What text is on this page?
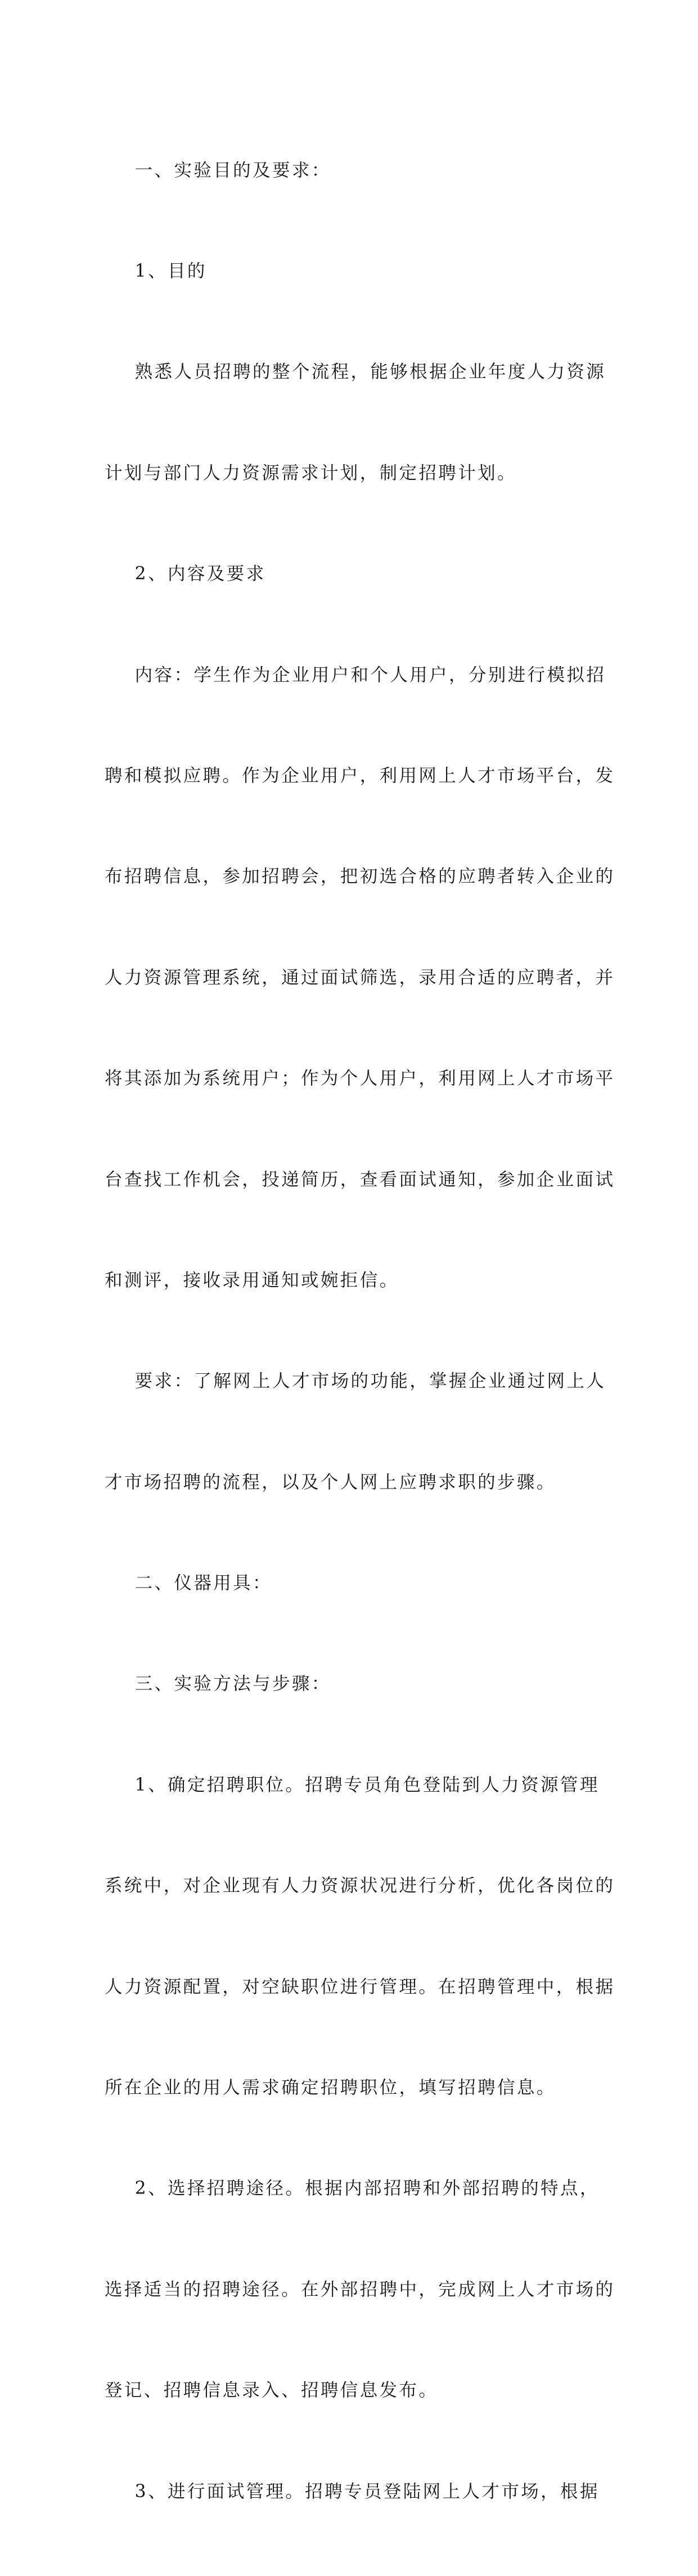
一、实验目的及要求：

1、目的

熟悉人员招聘的整个流程，能够根据企业年度人力资源

计划与部门人力资源需求计划，制定招聘计划。

2、内容及要求

内容：学生作为企业用户和个人用户，分别进行模拟招

聘和模拟应聘。作为企业用户，利用网上人才市场平台，发

布招聘信息，参加招聘会，把初选合格的应聘者转入企业的

人力资源管理系统，通过面试筛选，录用合适的应聘者，并

将其添加为系统用户；作为个人用户，利用网上人才市场平

台查找工作机会，投递简历，查看面试通知，参加企业面试

和测评，接收录用通知或婉拒信。

要求：了解网上人才市场的功能，掌握企业通过网上人

才市场招聘的流程，以及个人网上应聘求职的步骤。

二、仪器用具：

三、实验方法与步骤：

1、确定招聘职位。招聘专员角色登陆到人力资源管理

系统中，对企业现有人力资源状况进行分析，优化各岗位的

人力资源配置，对空缺职位进行管理。在招聘管理中，根据

所在企业的用人需求确定招聘职位，填写招聘信息。

2、选择招聘途径。根据内部招聘和外部招聘的特点，

选择适当的招聘途径。在外部招聘中，完成网上人才市场的

登记、招聘信息录入、招聘信息发布。

3、进行面试管理。招聘专员登陆网上人才市场，根据
